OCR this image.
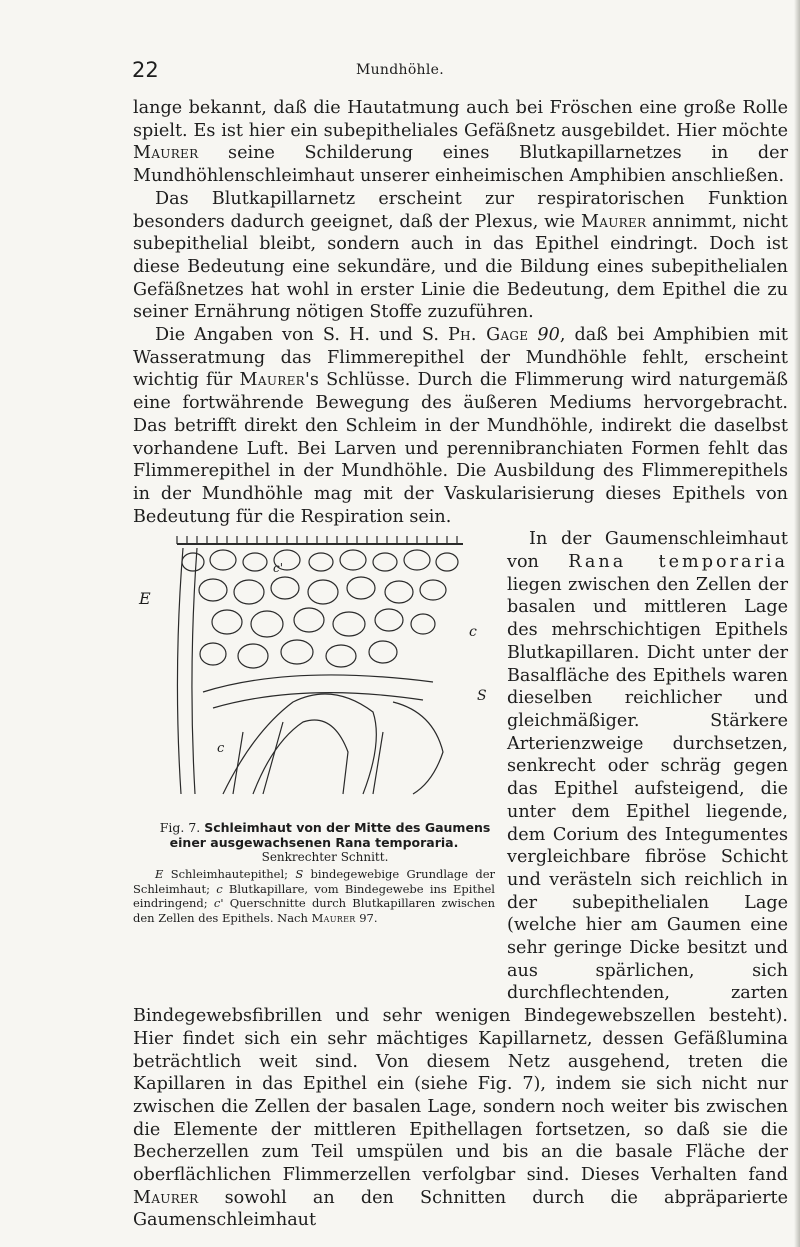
22	Mundhöhle.

lange bekannt, daß die Hautatmung auch bei Fröschen eine große Rolle spielt. Es ist hier ein subepitheliales Gefäßnetz ausgebildet. Hier möchte Maurer seine Schilderung eines Blutkapillarnetzes in der Mundhöhlenschleimhaut unserer einheimischen Amphibien anschließen.

Das Blutkapillarnetz erscheint zur respiratorischen Funktion besonders dadurch geeignet, daß der Plexus, wie Maurer annimmt, nicht subepithelial bleibt, sondern auch in das Epithel eindringt. Doch ist diese Bedeutung eine sekundäre, und die Bildung eines subepithelialen Gefäßnetzes hat wohl in erster Linie die Bedeutung, dem Epithel die zu seiner Ernährung nötigen Stoffe zuzuführen.

Die Angaben von S. H. und S. Ph. Gage 90, daß bei Amphibien mit Wasseratmung das Flimmerepithel der Mundhöhle fehlt, erscheint wichtig für Maurer's Schlüsse. Durch die Flimmerung wird naturgemäß eine fortwährende Bewegung des äußeren Mediums hervorgebracht. Das betrifft direkt den Schleim in der Mundhöhle, indirekt die daselbst vorhandene Luft. Bei Larven und perennibranchiaten Formen fehlt das Flimmerepithel in der Mundhöhle. Die Ausbildung des Flimmerepithels in der Mundhöhle mag mit der Vaskularisierung dieses Epithels von Bedeutung für die Respiration sein.

E
c
S
c
c'
Fig. 7. Schleimhaut von der Mitte des Gaumens einer ausgewachsenen Rana temporaria.
Senkrechter Schnitt.
E Schleimhautepithel; S bindegewebige Grundlage der Schleimhaut; c Blutkapillare, vom Bindegewebe ins Epithel eindringend; c' Querschnitte durch Blutkapillaren zwischen den Zellen des Epithels. Nach Maurer 97.
In der Gaumenschleimhaut von Rana temporaria liegen zwischen den Zellen der basalen und mittleren Lage des mehrschichtigen Epithels Blutkapillaren. Dicht unter der Basalfläche des Epithels waren dieselben reichlicher und gleichmäßiger. Stärkere Arterienzweige durchsetzen, senkrecht oder schräg gegen das Epithel aufsteigend, die unter dem Epithel liegende, dem Corium des Integumentes vergleichbare fibröse Schicht und verästeln sich reichlich in der subepithelialen Lage (welche hier am Gaumen eine sehr geringe Dicke besitzt und aus spärlichen, sich durchflechtenden, zarten Bindegewebsfibrillen und sehr wenigen Bindegewebszellen besteht). Hier findet sich ein sehr mächtiges Kapillarnetz, dessen Gefäßlumina beträchtlich weit sind. Von diesem Netz ausgehend, treten die Kapillaren in das Epithel ein (siehe Fig. 7), indem sie sich nicht nur zwischen die Zellen der basalen Lage, sondern noch weiter bis zwischen die Elemente der mittleren Epithellagen fortsetzen, so daß sie die Becherzellen zum Teil umspülen und bis an die basale Fläche der oberflächlichen Flimmerzellen verfolgbar sind. Dieses Verhalten fand Maurer sowohl an den Schnitten durch die abpräparierte Gaumenschleimhaut
